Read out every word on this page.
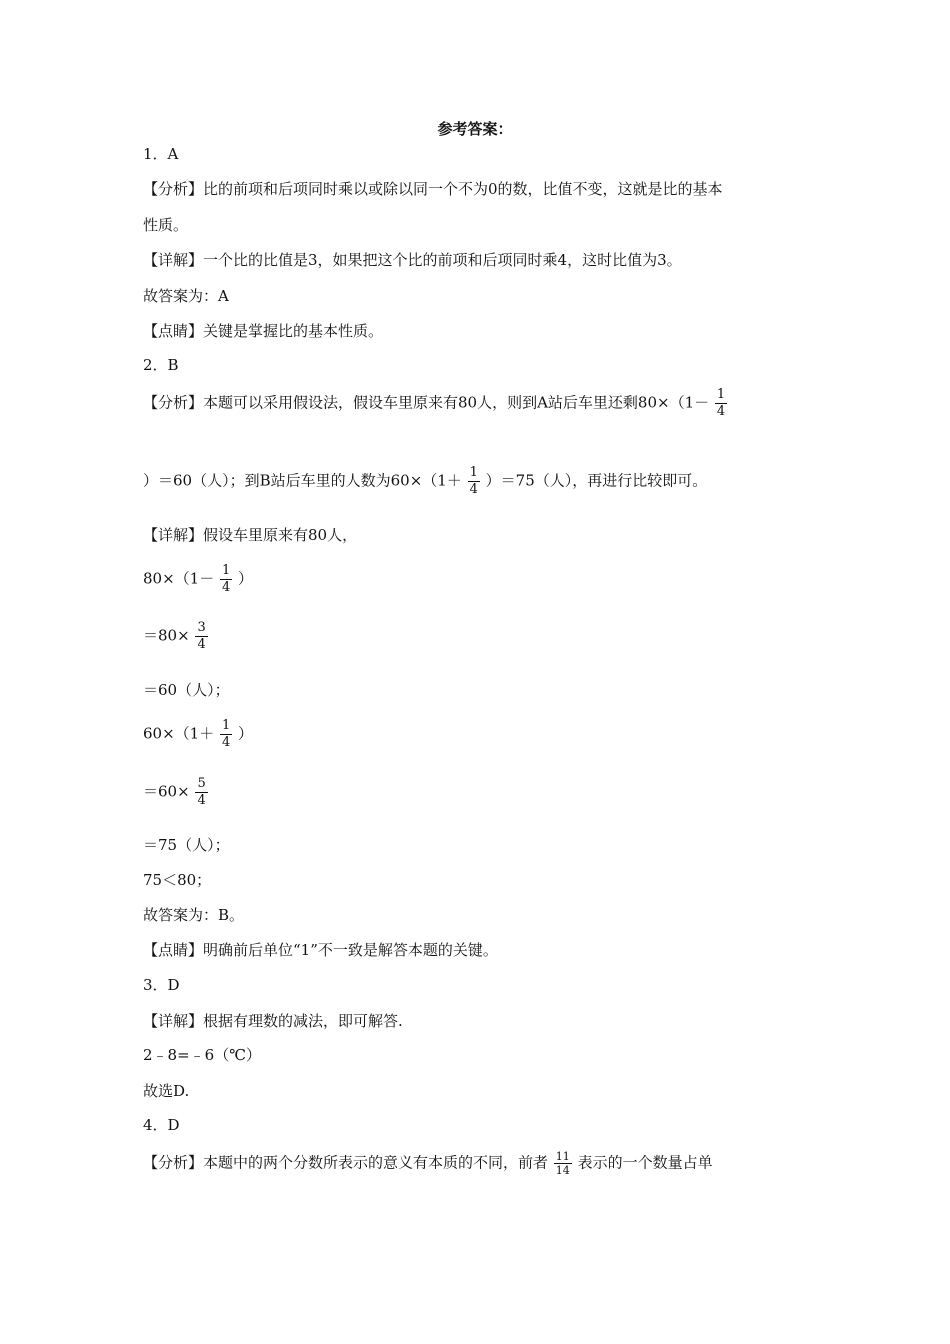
参考答案：
1．A
【分析】比的前项和后项同时乘以或除以同一个不为0的数，比值不变，这就是比的基本
性质。
【详解】一个比的比值是3，如果把这个比的前项和后项同时乘4，这时比值为3。
故答案为：A
【点睛】关键是掌握比的基本性质。
2．B
【分析】本题可以采用假设法，假设车里原来有80人，则到A站后车里还剩$80\times(1- \frac{1}{4}$
）＝60（人）；到B站后车里的人数为$60\times(1+ \frac{1}{4} )=75$（人），再进行比较即可。
【详解】假设车里原来有80人，
$80\times(1- \frac{1}{4}$ ）
$=80\times \frac{3}{4}$
＝60（人）；
$60\times(1+ \frac{1}{4}$ ）
$=60\times \frac{5}{4}$
＝75（人）；
75＜80；
故答案为：B。
【点睛】明确前后单位“1”不一致是解答本题的关键。
3．D
【详解】根据有理数的减法，即可解答.
2﹣8=﹣6（℃）
故选D.
4．D
【分析】本题中的两个分数所表示的意义有本质的不同，前者 $\frac{11}{14}$ 表示的一个数量占单
